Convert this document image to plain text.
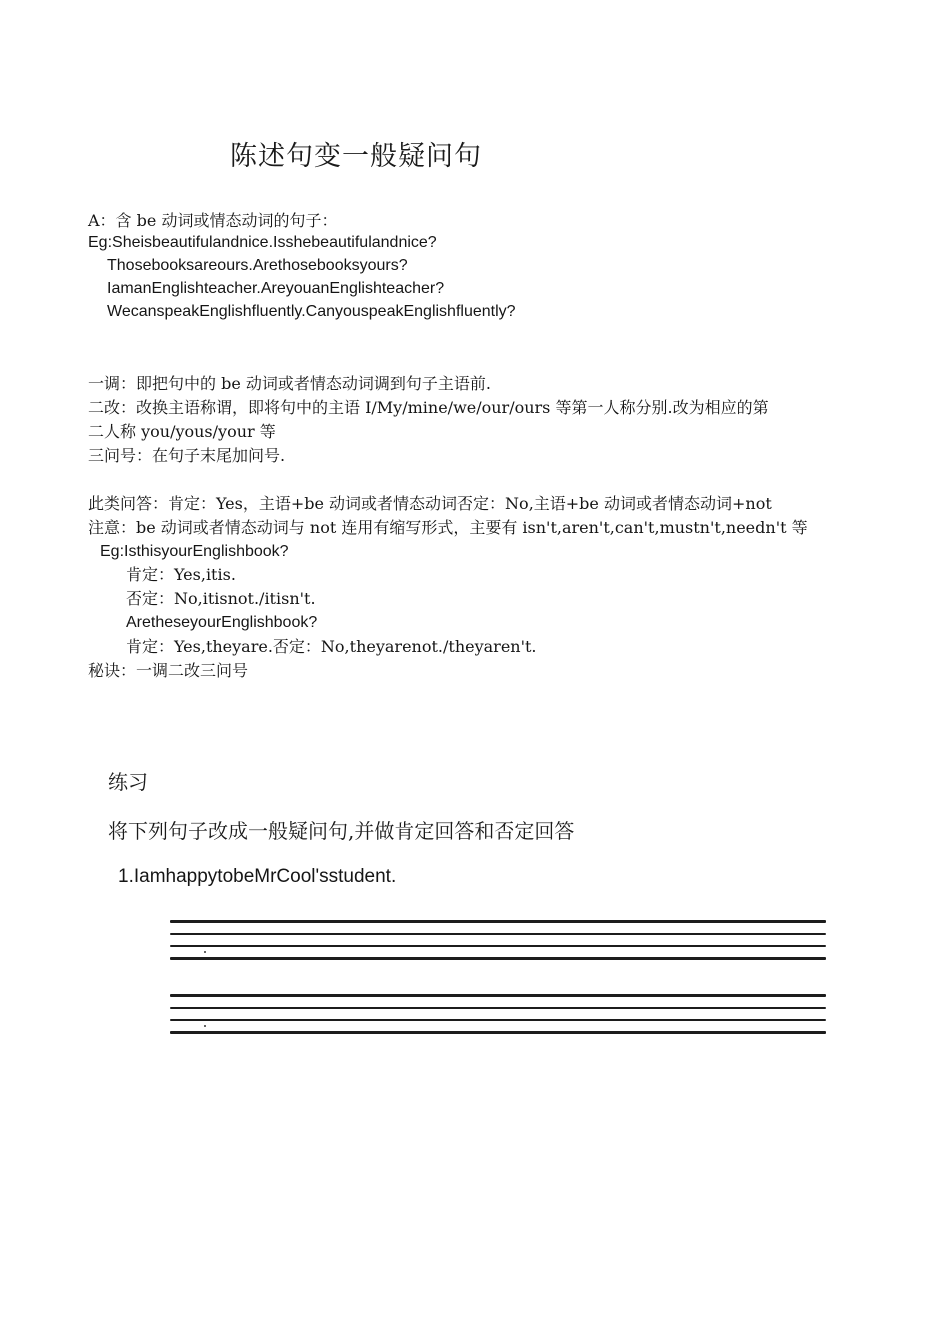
陈述句变一般疑问句
A：含 be 动词或情态动词的句子：
Eg:Sheisbeautifulandnice.Isshebeautifulandnice?
Thosebooksareours.Arethosebooksyours?
IamanEnglishteacher.AreyouanEnglishteacher?
WecanspeakEnglishfluently.CanyouspeakEnglishfluently?
一调：即把句中的 be 动词或者情态动词调到句子主语前.
二改：改换主语称谓，即将句中的主语 I/My/mine/we/our/ours 等第一人称分别.改为相应的第
二人称 you/yous/your 等
三问号：在句子末尾加问号.
此类问答：肯定：Yes，主语+be 动词或者情态动词否定：No,主语+be 动词或者情态动词+not
注意：be 动词或者情态动词与 not 连用有缩写形式，主要有 isn't,aren't,can't,mustn't,needn't 等
Eg:IsthisyourEnglishbook?
肯定：Yes,itis.
否定：No,itisnot./itisn't.
AretheseyourEnglishbook?
肯定：Yes,theyare.否定：No,theyarenot./theyaren't.
秘诀：一调二改三问号
练习
将下列句子改成一般疑问句,并做肯定回答和否定回答
1.IamhappytobeMrCool'sstudent.
